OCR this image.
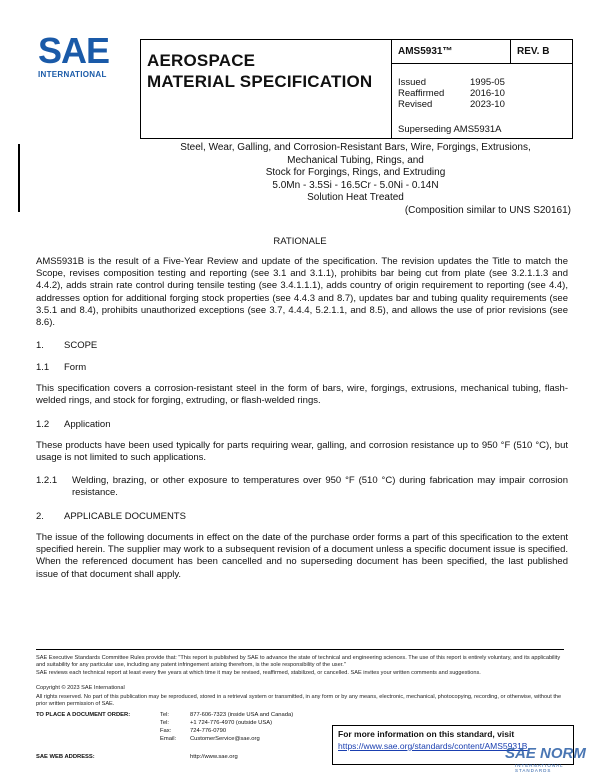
SAE
INTERNATIONAL
AEROSPACE
MATERIAL SPECIFICATION
AMS5931™	REV. B
Issued	1995-05
Reaffirmed	2016-10
Revised	2023-10
Superseding AMS5931A
Steel, Wear, Galling, and Corrosion-Resistant Bars, Wire, Forgings, Extrusions,
Mechanical Tubing, Rings, and
Stock for Forgings, Rings, and Extruding
5.0Mn - 3.5Si - 16.5Cr - 5.0Ni - 0.14N
Solution Heat Treated
(Composition similar to UNS S20161)
RATIONALE
AMS5931B is the result of a Five-Year Review and update of the specification. The revision updates the Title to match the Scope, revises composition testing and reporting (see 3.1 and 3.1.1), prohibits bar being cut from plate (see 3.2.1.1.3 and 4.4.2), adds strain rate control during tensile testing (see 3.4.1.1.1), adds country of origin requirement to reporting (see 4.4), addresses option for additional forging stock properties (see 4.4.3 and 8.7), updates bar and tubing quality requirements (see 3.5.1 and 8.4), prohibits unauthorized exceptions (see 3.7, 4.4.4, 5.2.1.1, and 8.5), and allows the use of prior revisions (see 8.6).
1. SCOPE
1.1 Form
This specification covers a corrosion-resistant steel in the form of bars, wire, forgings, extrusions, mechanical tubing, flash-welded rings, and stock for forging, extruding, or flash-welded rings.
1.2 Application
These products have been used typically for parts requiring wear, galling, and corrosion resistance up to 950 °F (510 °C), but usage is not limited to such applications.
1.2.1 Welding, brazing, or other exposure to temperatures over 950 °F (510 °C) during fabrication may impair corrosion resistance.
2. APPLICABLE DOCUMENTS
The issue of the following documents in effect on the date of the purchase order forms a part of this specification to the extent specified herein. The supplier may work to a subsequent revision of a document unless a specific document issue is specified. When the referenced document has been cancelled and no superseding document has been specified, the last published issue of that document shall apply.
SAE Executive Standards Committee Rules provide that: "This report is published by SAE to advance the state of technical and engineering sciences. The use of this report is entirely voluntary, and its applicability and suitability for any particular use, including any patent infringement arising therefrom, is the sole responsibility of the user."
SAE reviews each technical report at least every five years at which time it may be revised, reaffirmed, stabilized, or cancelled. SAE invites your written comments and suggestions.
Copyright © 2023 SAE International
All rights reserved. No part of this publication may be reproduced, stored in a retrieval system or transmitted, in any form or by any means, electronic, mechanical, photocopying, recording, or otherwise, without the prior written permission of SAE.
TO PLACE A DOCUMENT ORDER:	Tel:	877-606-7323 (inside USA and Canada)
Tel:	+1 724-776-4970 (outside USA)
Fax:	724-776-0790
Email: CustomerService@sae.org
SAE WEB ADDRESS:	http://www.sae.org
For more information on this standard, visit
https://www.sae.org/standards/content/AMS5931B
SAE NORM
INTERNATIONAL STANDARDS
